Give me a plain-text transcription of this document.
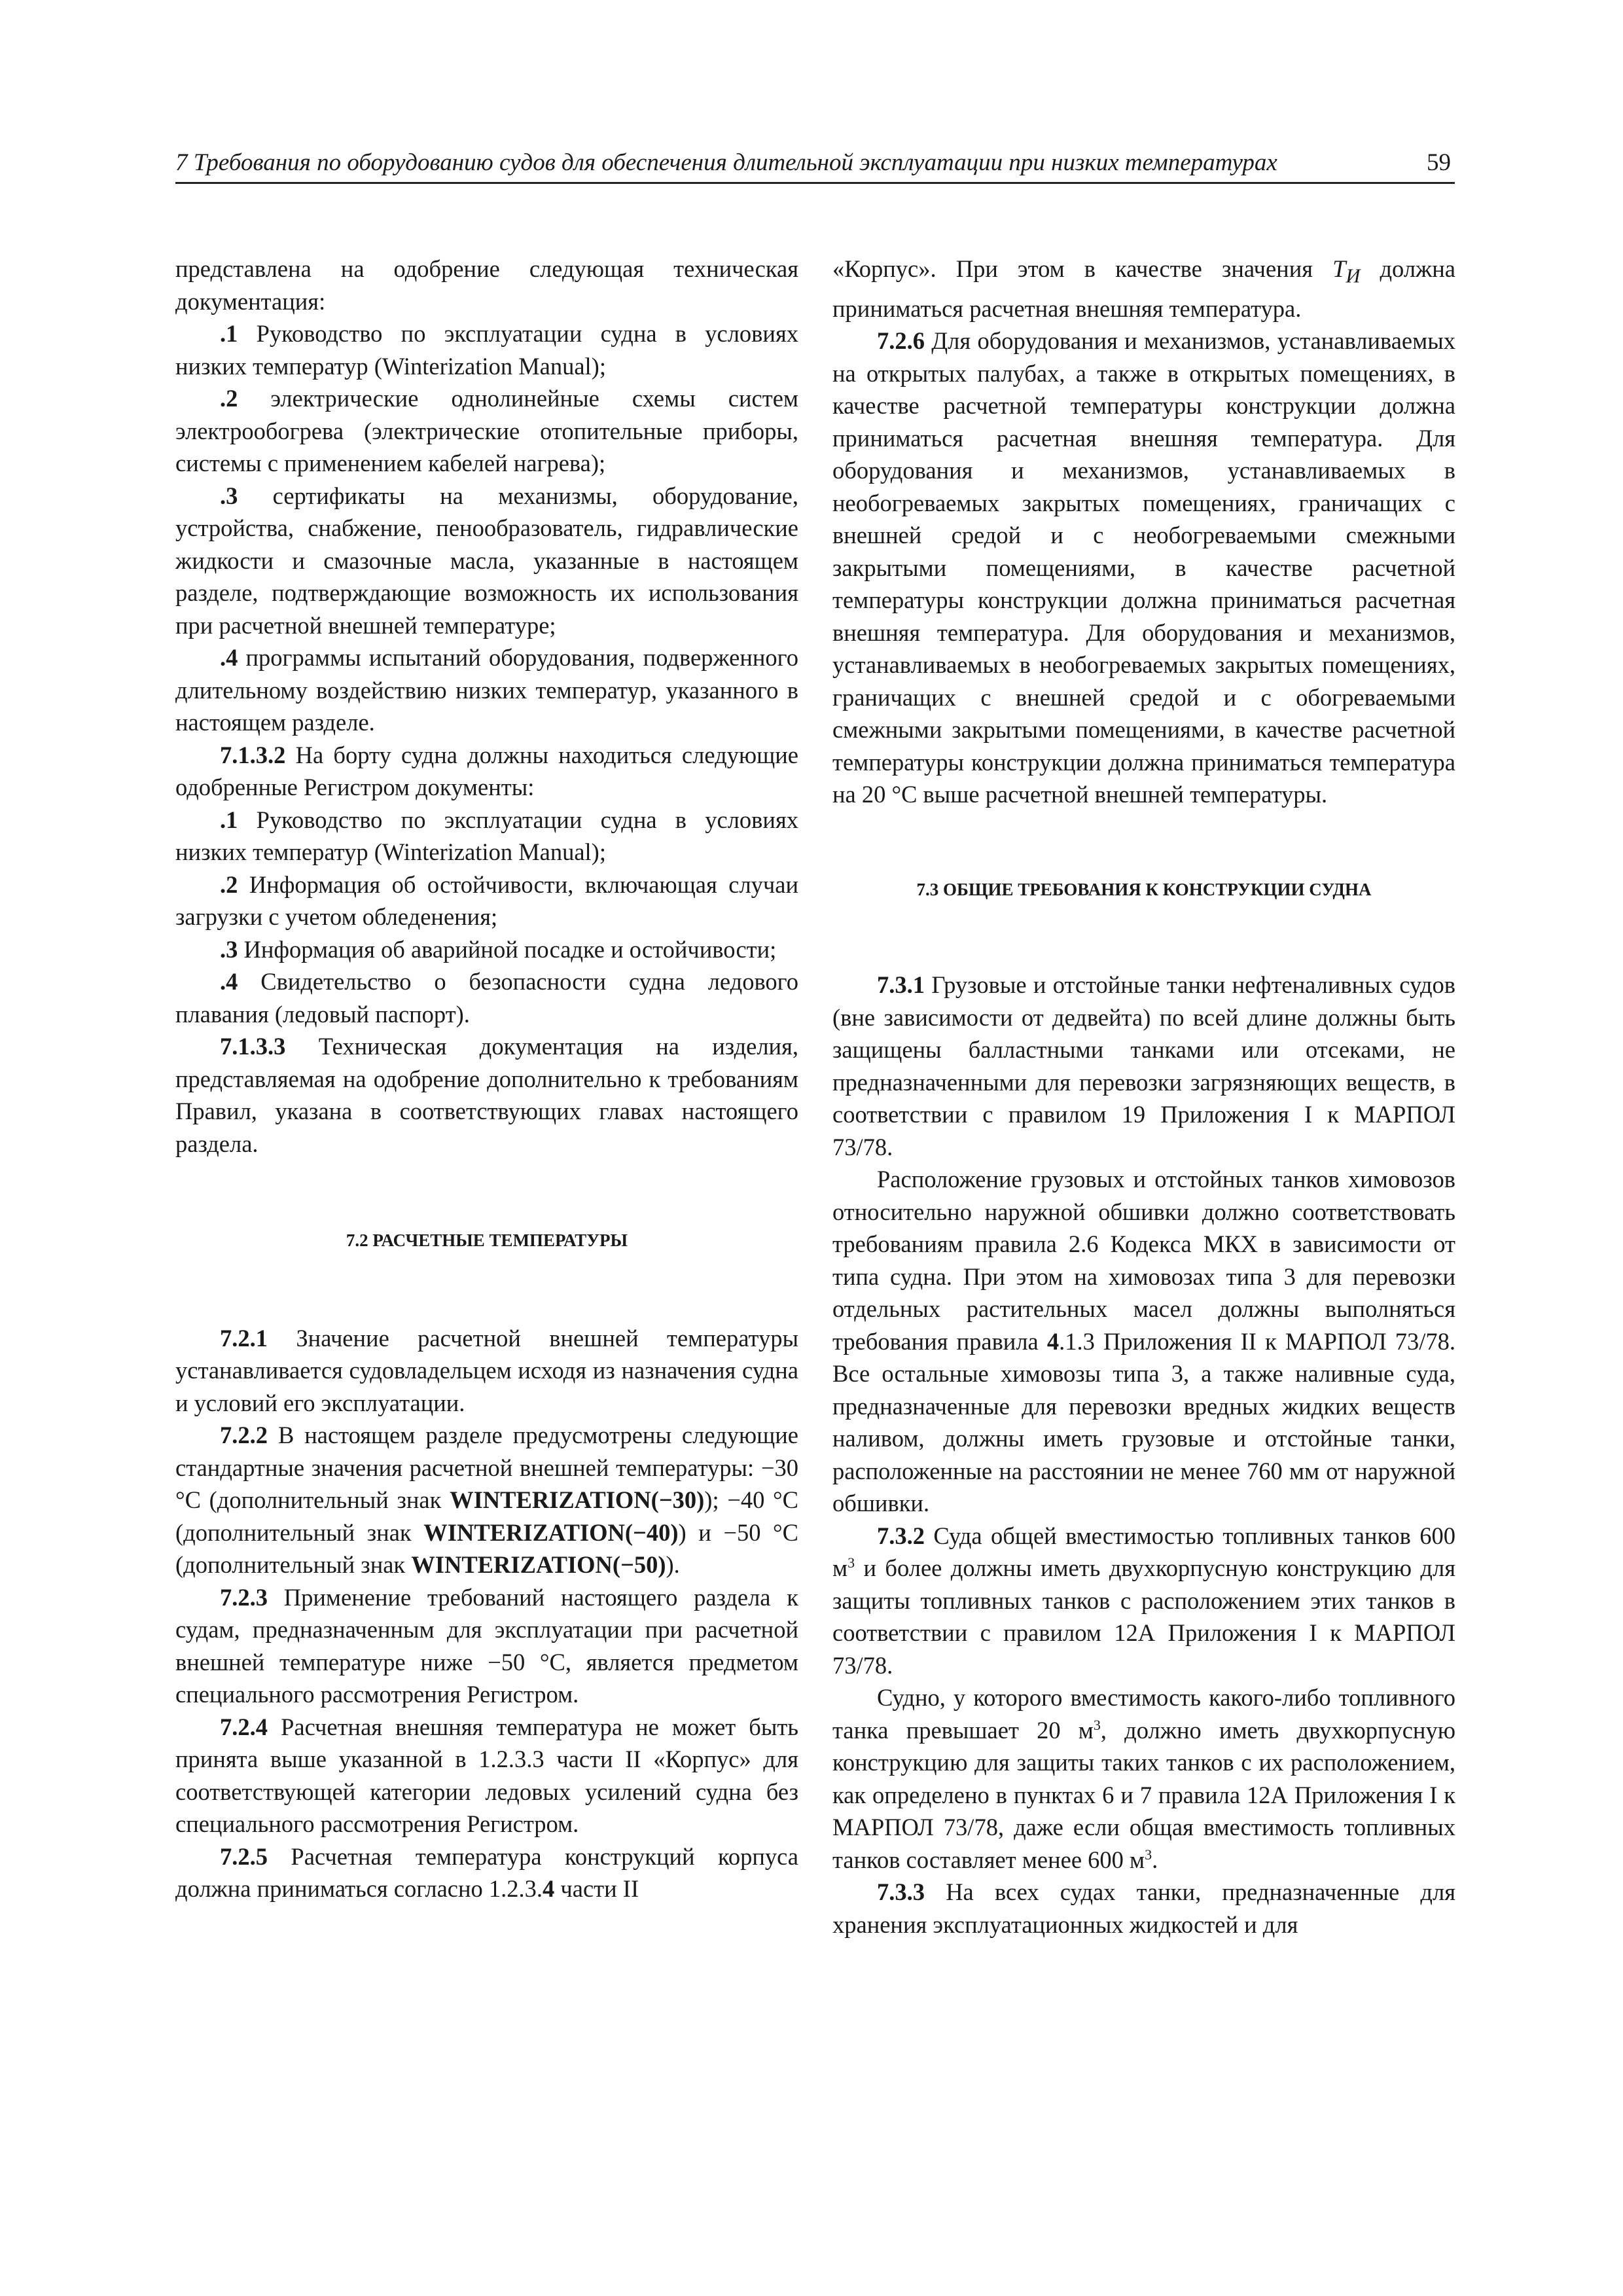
7 Требования по оборудованию судов для обеспечения длительной эксплуатации при низких температурах	59

представлена на одобрение следующая техническая документация:

.1 Руководство по эксплуатации судна в условиях низких температур (Winterization Manual);

.2 электрические однолинейные схемы систем электрообогрева (электрические отопительные приборы, системы с применением кабелей нагрева);

.3 сертификаты на механизмы, оборудование, устройства, снабжение, пенообразователь, гидравлические жидкости и смазочные масла, указанные в настоящем разделе, подтверждающие возможность их использования при расчетной внешней температуре;

.4 программы испытаний оборудования, подверженного длительному воздействию низких температур, указанного в настоящем разделе.

7.1.3.2 На борту судна должны находиться следующие одобренные Регистром документы:

.1 Руководство по эксплуатации судна в условиях низких температур (Winterization Manual);

.2 Информация об остойчивости, включающая случаи загрузки с учетом обледенения;

.3 Информация об аварийной посадке и остойчивости;

.4 Свидетельство о безопасности судна ледового плавания (ледовый паспорт).

7.1.3.3 Техническая документация на изделия, представляемая на одобрение дополнительно к требованиям Правил, указана в соответствующих главах настоящего раздела.

7.2 РАСЧЕТНЫЕ ТЕМПЕРАТУРЫ

7.2.1 Значение расчетной внешней температуры устанавливается судовладельцем исходя из назначения судна и условий его эксплуатации.

7.2.2 В настоящем разделе предусмотрены следующие стандартные значения расчетной внешней температуры: −30 °С (дополнительный знак WINTERIZATION(−30)); −40 °С (дополнительный знак WINTERIZATION(−40)) и −50 °С (дополнительный знак WINTERIZATION(−50)).

7.2.3 Применение требований настоящего раздела к судам, предназначенным для эксплуатации при расчетной внешней температуре ниже −50 °С, является предметом специального рассмотрения Регистром.

7.2.4 Расчетная внешняя температура не может быть принята выше указанной в 1.2.3.3 части II «Корпус» для соответствующей категории ледовых усилений судна без специального рассмотрения Регистром.

7.2.5 Расчетная температура конструкций корпуса должна приниматься согласно 1.2.3.4 части II

«Корпус». При этом в качестве значения $T_И$ должна приниматься расчетная внешняя температура.

7.2.6 Для оборудования и механизмов, устанавливаемых на открытых палубах, а также в открытых помещениях, в качестве расчетной температуры конструкции должна приниматься расчетная внешняя температура. Для оборудования и механизмов, устанавливаемых в необогреваемых закрытых помещениях, граничащих с внешней средой и с необогреваемыми смежными закрытыми помещениями, в качестве расчетной температуры конструкции должна приниматься расчетная внешняя температура. Для оборудования и механизмов, устанавливаемых в необогреваемых закрытых помещениях, граничащих с внешней средой и с обогреваемыми смежными закрытыми помещениями, в качестве расчетной температуры конструкции должна приниматься температура на 20 °С выше расчетной внешней температуры.

7.3 ОБЩИЕ ТРЕБОВАНИЯ К КОНСТРУКЦИИ СУДНА

7.3.1 Грузовые и отстойные танки нефтеналивных судов (вне зависимости от дедвейта) по всей длине должны быть защищены балластными танками или отсеками, не предназначенными для перевозки загрязняющих веществ, в соответствии с правилом 19 Приложения I к МАРПОЛ 73/78.

Расположение грузовых и отстойных танков химовозов относительно наружной обшивки должно соответствовать требованиям правила 2.6 Кодекса МКХ в зависимости от типа судна. При этом на химовозах типа 3 для перевозки отдельных растительных масел должны выполняться требования правила 4.1.3 Приложения II к МАРПОЛ 73/78. Все остальные химовозы типа 3, а также наливные суда, предназначенные для перевозки вредных жидких веществ наливом, должны иметь грузовые и отстойные танки, расположенные на расстоянии не менее 760 мм от наружной обшивки.

7.3.2 Суда общей вместимостью топливных танков 600 $м^3$ и более должны иметь двухкорпусную конструкцию для защиты топливных танков с расположением этих танков в соответствии с правилом 12А Приложения I к МАРПОЛ 73/78.

Судно, у которого вместимость какого-либо топливного танка превышает 20 $м^3$, должно иметь двухкорпусную конструкцию для защиты таких танков с их расположением, как определено в пунктах 6 и 7 правила 12А Приложения I к МАРПОЛ 73/78, даже если общая вместимость топливных танков составляет менее 600 $м^3$.

7.3.3 На всех судах танки, предназначенные для хранения эксплуатационных жидкостей и для
